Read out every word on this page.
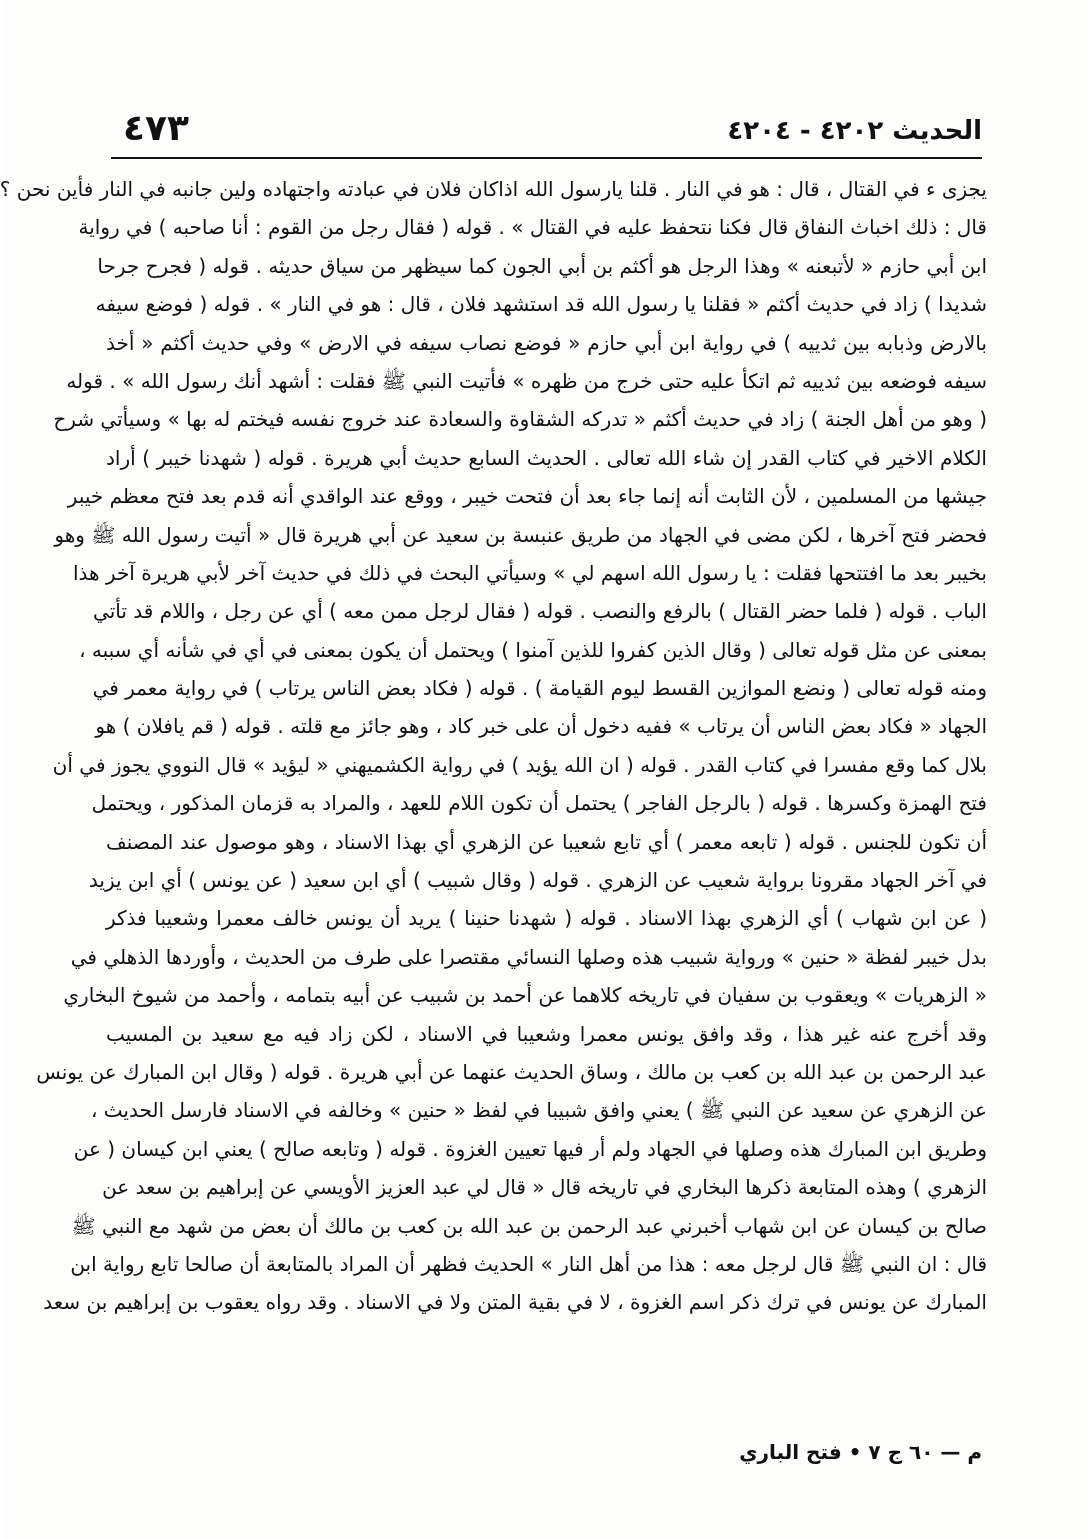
الحديث ٤٢٠٢ - ٤٢٠٤
٤٧٣
يجزى ء في القتال ، قال : هو في النار . قلنا يارسول الله اذاكان فلان في عبادته واجتهاده ولين جانبه في النار فأين نحن ؟
قال : ذلك اخباث النفاق قال فكنا نتحفظ عليه في القتال » . قوله ( فقال رجل من القوم : أنا صاحبه ) في رواية
ابن أبي حازم « لأتبعنه » وهذا الرجل هو أكثم بن أبي الجون كما سيظهر من سياق حديثه . قوله ( فجرح جرحا
شديدا ) زاد في حديث أكثم « فقلنا يا رسول الله قد استشهد فلان ، قال : هو في النار » . قوله ( فوضع سيفه
بالارض وذبابه بين ثدييه ) في رواية ابن أبي حازم « فوضع نصاب سيفه في الارض » وفي حديث أكثم « أخذ
سيفه فوضعه بين ثدييه ثم اتكأ عليه حتى خرج من ظهره » فأتيت النبي ﷺ فقلت : أشهد أنك رسول الله » . قوله
( وهو من أهل الجنة ) زاد في حديث أكثم « تدركه الشقاوة والسعادة عند خروج نفسه فيختم له بها » وسيأتي شرح
الكلام الاخير في كتاب القدر إن شاء الله تعالى . الحديث السابع حديث أبي هريرة . قوله ( شهدنا خيبر ) أراد
جيشها من المسلمين ، لأن الثابت أنه إنما جاء بعد أن فتحت خيبر ، ووقع عند الواقدي أنه قدم بعد فتح معظم خيبر
فحضر فتح آخرها ، لكن مضى في الجهاد من طريق عنبسة بن سعيد عن أبي هريرة قال « أتيت رسول الله ﷺ وهو
بخيبر بعد ما افتتحها فقلت : يا رسول الله اسهم لي » وسيأتي البحث في ذلك في حديث آخر لأبي هريرة آخر هذا
الباب . قوله ( فلما حضر القتال ) بالرفع والنصب . قوله ( فقال لرجل ممن معه ) أي عن رجل ، واللام قد تأتي
بمعنى عن مثل قوله تعالى ( وقال الذين كفروا للذين آمنوا ) ويحتمل أن يكون بمعنى في أي في شأنه أي سببه ،
ومنه قوله تعالى ( ونضع الموازين القسط ليوم القيامة ) . قوله ( فكاد بعض الناس يرتاب ) في رواية معمر في
الجهاد « فكاد بعض الناس أن يرتاب » ففيه دخول أن على خبر كاد ، وهو جائز مع قلته . قوله ( قم يافلان ) هو
بلال كما وقع مفسرا في كتاب القدر . قوله ( ان الله يؤيد ) في رواية الكشميهني « ليؤيد » قال النووي يجوز في أن
فتح الهمزة وكسرها . قوله ( بالرجل الفاجر ) يحتمل أن تكون اللام للعهد ، والمراد به قزمان المذكور ، ويحتمل
أن تكون للجنس . قوله ( تابعه معمر ) أي تابع شعيبا عن الزهري أي بهذا الاسناد ، وهو موصول عند المصنف
في آخر الجهاد مقرونا برواية شعيب عن الزهري . قوله ( وقال شبيب ) أي ابن سعيد ( عن يونس ) أي ابن يزيد
( عن ابن شهاب ) أي الزهري بهذا الاسناد . قوله ( شهدنا حنينا ) يريد أن يونس خالف معمرا وشعيبا فذكر
بدل خيبر لفظة « حنين » ورواية شبيب هذه وصلها النسائي مقتصرا على طرف من الحديث ، وأوردها الذهلي في
« الزهريات » ويعقوب بن سفيان في تاريخه كلاهما عن أحمد بن شبيب عن أبيه بتمامه ، وأحمد من شيوخ البخاري
وقد أخرج عنه غير هذا ، وقد وافق يونس معمرا وشعيبا في الاسناد ، لكن زاد فيه مع سعيد بن المسيب
عبد الرحمن بن عبد الله بن كعب بن مالك ، وساق الحديث عنهما عن أبي هريرة . قوله ( وقال ابن المبارك عن يونس
عن الزهري عن سعيد عن النبي ﷺ ) يعني وافق شبيبا في لفظ « حنين » وخالفه في الاسناد فارسل الحديث ،
وطريق ابن المبارك هذه وصلها في الجهاد ولم أر فيها تعيين الغزوة . قوله ( وتابعه صالح ) يعني ابن كيسان ( عن
الزهري ) وهذه المتابعة ذكرها البخاري في تاريخه قال « قال لي عبد العزيز الأويسي عن إبراهيم بن سعد عن
صالح بن كيسان عن ابن شهاب أخبرني عبد الرحمن بن عبد الله بن كعب بن مالك أن بعض من شهد مع النبي ﷺ
قال : ان النبي ﷺ قال لرجل معه : هذا من أهل النار » الحديث فظهر أن المراد بالمتابعة أن صالحا تابع رواية ابن
المبارك عن يونس في ترك ذكر اسم الغزوة ، لا في بقية المتن ولا في الاسناد . وقد رواه يعقوب بن إبراهيم بن سعد
م — ٦٠ ج ٧ • فتح الباري
